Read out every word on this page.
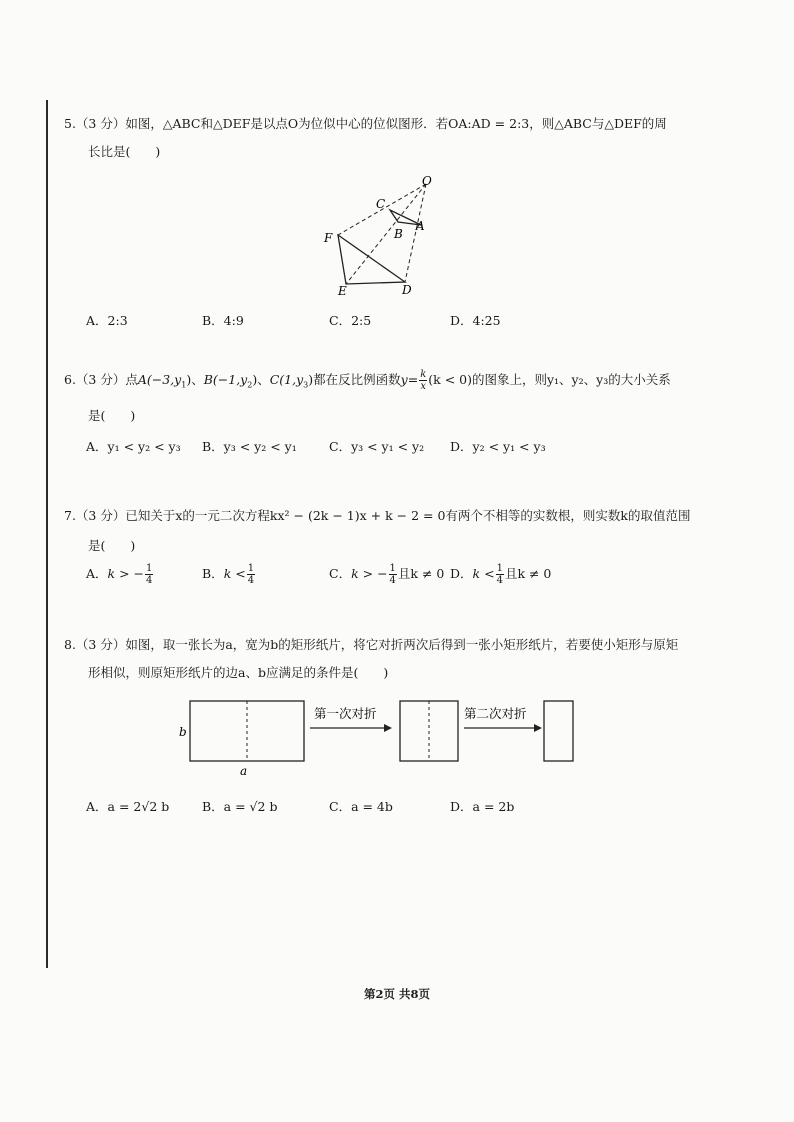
5.（3 分）如图，△ABC和△DEF是以点O为位似中心的位似图形．若OA:AD = 2:3，则△ABC与△DEF的周
长比是(　　)
O
C
B
A
F
E	D
A．2:3	B．4:9	C．2:5	D．4:25
6.（3 分）点$A(-3,y_1)$、$B(-1,y_2)$、$C(1,y_3)$都在反比例函数$y= \frac{k}{x} (k < 0)$的图象上，则y₁、y₂、y₃的大小关系
是(　　)
A．y₁ < y₂ < y₃ B．y₃ < y₂ < y₁	C．y₃ < y₁ < y₂ D．y₂ < y₁ < y₃
7.（3 分）已知关于x的一元二次方程kx² − (2k − 1)x + k − 2 = 0有两个不相等的实数根，则实数k的取值范围
是(　　)
A．k > − $\frac{1}{4}$	B．$k < \frac{1}{4}$	C．k > − $\frac{1}{4}$ 且k ≠ 0 D．$k < \frac{1}{4}$ 且k ≠ 0
8.（3 分）如图，取一张长为a，宽为b的矩形纸片，将它对折两次后得到一张小矩形纸片，若要使小矩形与原矩
形相似，则原矩形纸片的边a、b应满足的条件是(　　)
b
a
第一次对折	第二次对折
A．a = 2√2 b	B．a = √2 b	C．a = 4b	D．a = 2b
第2页 共8页
